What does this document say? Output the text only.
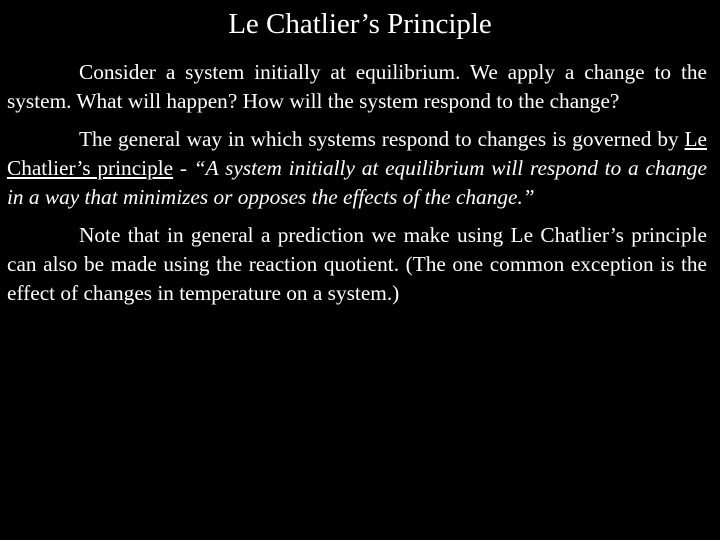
Le Chatlier’s Principle

Consider a system initially at equilibrium. We apply a change to the system. What will happen? How will the system respond to the change?

The general way in which systems respond to changes is governed by Le Chatlier’s principle - “A system initially at equilibrium will respond to a change in a way that minimizes or opposes the effects of the change.”

Note that in general a prediction we make using Le Chatlier’s principle can also be made using the reaction quotient. (The one common exception is the effect of changes in temperature on a system.)
